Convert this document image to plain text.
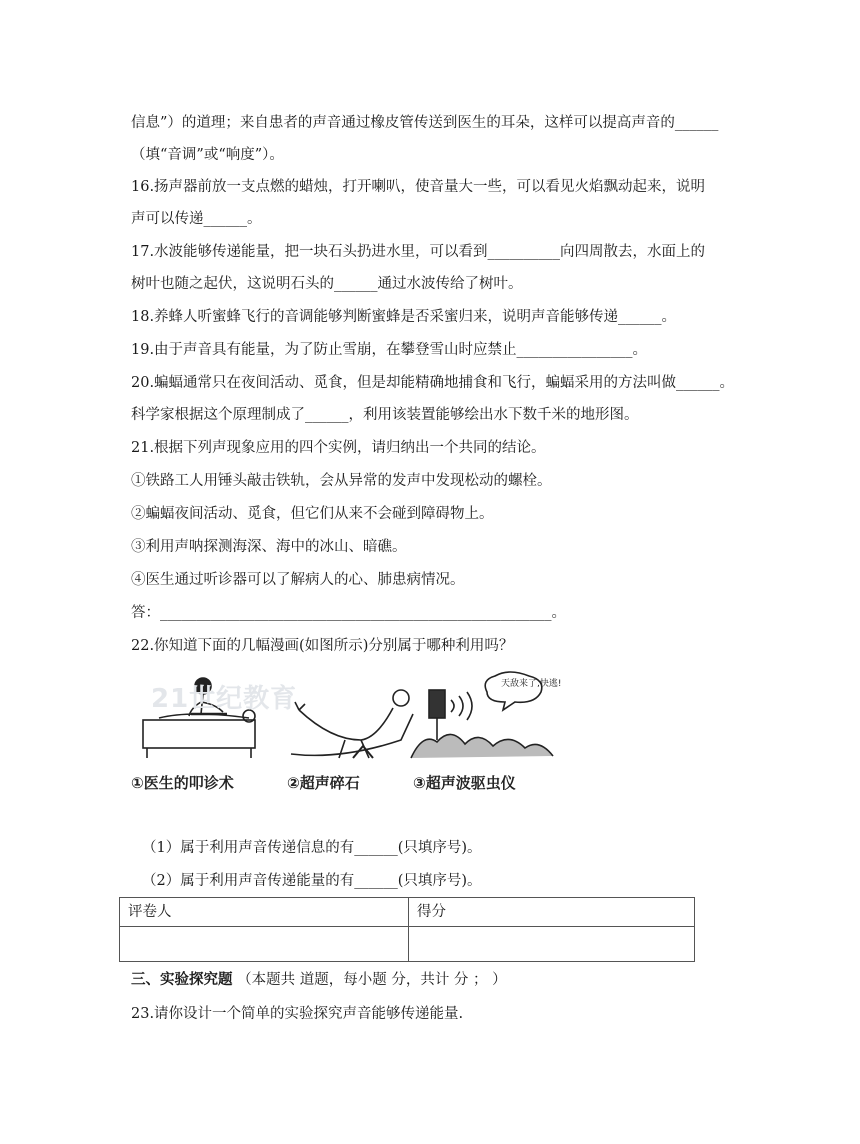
信息”）的道理；来自患者的声音通过橡皮管传送到医生的耳朵，这样可以提高声音的______
（填“音调”或“响度”）。
16.扬声器前放一支点燃的蜡烛，打开喇叭，使音量大一些，可以看见火焰飘动起来，说明
声可以传递______。
17.水波能够传递能量，把一块石头扔进水里，可以看到__________向四周散去，水面上的
树叶也随之起伏，这说明石头的______通过水波传给了树叶。
18.养蜂人听蜜蜂飞行的音调能够判断蜜蜂是否采蜜归来，说明声音能够传递______。
19.由于声音具有能量，为了防止雪崩，在攀登雪山时应禁止________________。
20.蝙蝠通常只在夜间活动、觅食，但是却能精确地捕食和飞行，蝙蝠采用的方法叫做______。
科学家根据这个原理制成了______，利用该装置能够绘出水下数千米的地形图。
21.根据下列声现象应用的四个实例，请归纳出一个共同的结论。
①铁路工人用锤头敲击铁轨，会从异常的发声中发现松动的螺栓。
②蝙蝠夜间活动、觅食，但它们从来不会碰到障碍物上。
③利用声呐探测海深、海中的冰山、暗礁。
④医生通过听诊器可以了解病人的心、肺患病情况。
答：______________________________________________________。
22.你知道下面的几幅漫画(如图所示)分别属于哪种利用吗？
21世纪教育	天敌来了,快逃!
①医生的叩诊术	②超声碎石	③超声波驱虫仪
（1）属于利用声音传递信息的有______(只填序号)。
（2）属于利用声音传递能量的有______(只填序号)。
评卷人	得分

三、实验探究题 （本题共 道题，每小题 分，共计 分 ； ）
23.请你设计一个简单的实验探究声音能够传递能量.
